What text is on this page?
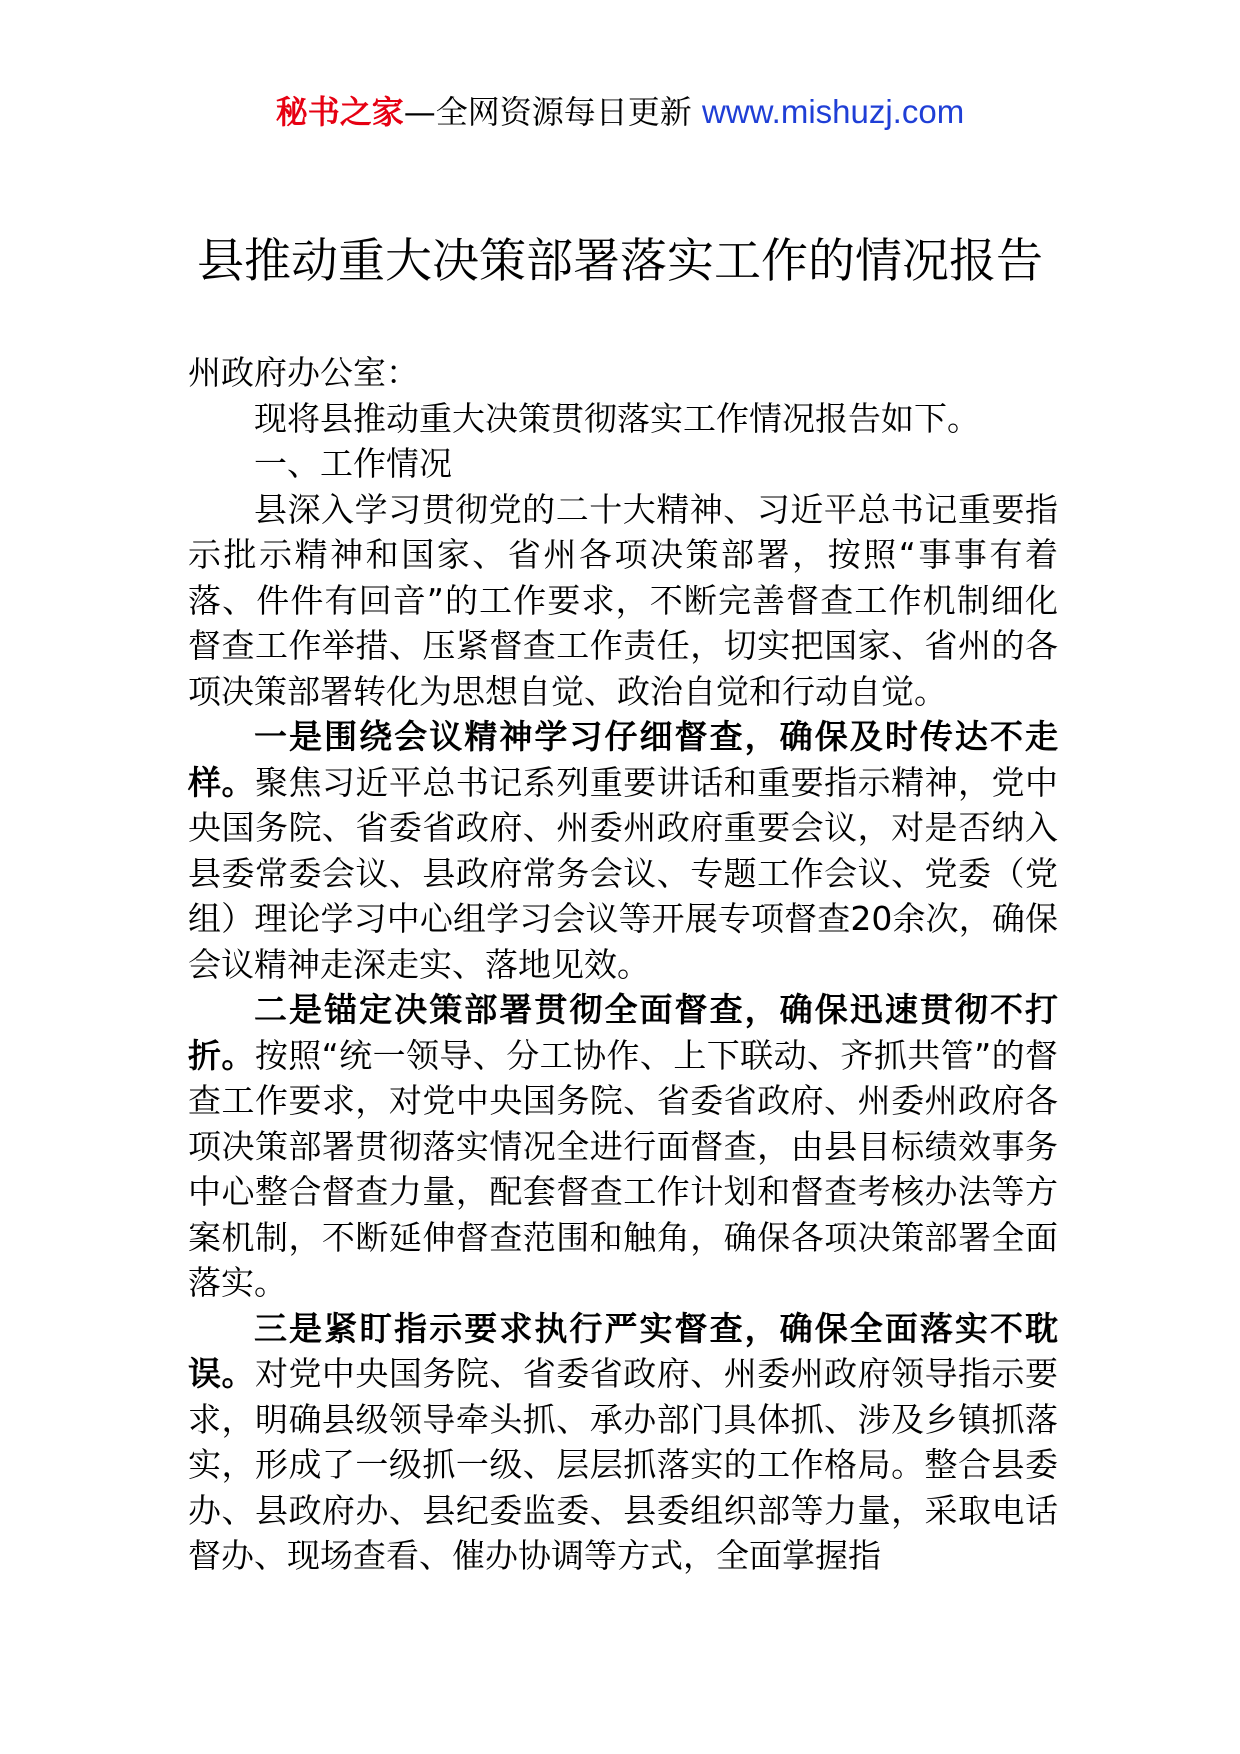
秘书之家—全网资源每日更新 www.mishuzj.com
县推动重大决策部署落实工作的情况报告

州政府办公室：

现将县推动重大决策贯彻落实工作情况报告如下。

一、工作情况

县深入学习贯彻党的二十大精神、习近平总书记重要指示批示精神和国家、省州各项决策部署，按照“事事有着落、件件有回音”的工作要求，不断完善督查工作机制细化督查工作举措、压紧督查工作责任，切实把国家、省州的各项决策部署转化为思想自觉、政治自觉和行动自觉。

一是围绕会议精神学习仔细督查，确保及时传达不走样。聚焦习近平总书记系列重要讲话和重要指示精神，党中央国务院、省委省政府、州委州政府重要会议，对是否纳入县委常委会议、县政府常务会议、专题工作会议、党委（党组）理论学习中心组学习会议等开展专项督查20余次，确保会议精神走深走实、落地见效。

二是锚定决策部署贯彻全面督查，确保迅速贯彻不打折。按照“统一领导、分工协作、上下联动、齐抓共管”的督查工作要求，对党中央国务院、省委省政府、州委州政府各项决策部署贯彻落实情况全进行面督查，由县目标绩效事务中心整合督查力量，配套督查工作计划和督查考核办法等方案机制，不断延伸督查范围和触角，确保各项决策部署全面落实。

三是紧盯指示要求执行严实督查，确保全面落实不耽误。对党中央国务院、省委省政府、州委州政府领导指示要求，明确县级领导牵头抓、承办部门具体抓、涉及乡镇抓落实，形成了一级抓一级、层层抓落实的工作格局。整合县委办、县政府办、县纪委监委、县委组织部等力量，采取电话督办、现场查看、催办协调等方式，全面掌握指
